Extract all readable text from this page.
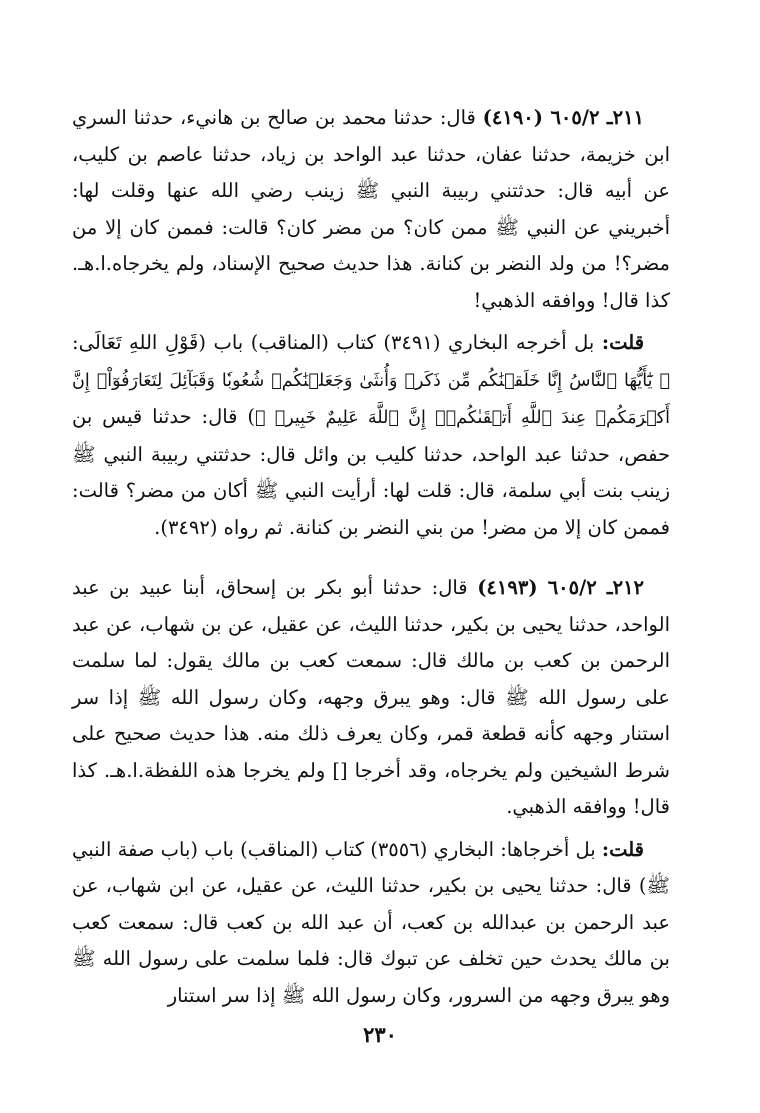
٢١١ـ ٦٠٥/٢ (٤١٩٠) قال: حدثنا محمد بن صالح بن هانيء، حدثنا السري ابن خزيمة، حدثنا عفان، حدثنا عبد الواحد بن زياد، حدثنا عاصم بن كليب، عن أبيه قال: حدثتني ربيبة النبي ﷺ زينب رضي الله عنها وقلت لها: أخبريني عن النبي ﷺ ممن كان؟ من مضر كان؟ قالت: فممن كان إلا من مضر؟! من ولد النضر بن كنانة. هذا حديث صحيح الإسناد، ولم يخرجاه.ا.هـ. كذا قال! ووافقه الذهبي!

قلت: بل أخرجه البخاري (٣٤٩١) كتاب (المناقب) باب (قَوْلِ اللهِ تَعَالَى: ﴿ يَٰٓأَيُّهَا ٱلنَّاسُ إِنَّا خَلَقۡنَٰكُم مِّن ذَكَرٖ وَأُنثَىٰ وَجَعَلۡنَٰكُمۡ شُعُوبٗا وَقَبَآئِلَ لِتَعَارَفُوٓاْۚ إِنَّ أَكۡرَمَكُمۡ عِندَ ٱللَّهِ أَتۡقَىٰكُمۡۚ إِنَّ ٱللَّهَ عَلِيمٌ خَبِيرٞ ﴾) قال: حدثنا قيس بن حفص، حدثنا عبد الواحد، حدثنا كليب بن وائل قال: حدثتني ربيبة النبي ﷺ زينب بنت أبي سلمة، قال: قلت لها: أرأيت النبي ﷺ أكان من مضر؟ قالت: فممن كان إلا من مضر! من بني النضر بن كنانة. ثم رواه (٣٤٩٢).

٢١٢ـ ٦٠٥/٢ (٤١٩٣) قال: حدثنا أبو بكر بن إسحاق، أبنا عبيد بن عبد الواحد، حدثنا يحيى بن بكير، حدثنا الليث، عن عقيل، عن بن شهاب، عن عبد الرحمن بن كعب بن مالك قال: سمعت كعب بن مالك يقول: لما سلمت على رسول الله ﷺ قال: وهو يبرق وجهه، وكان رسول الله ﷺ إذا سر استنار وجهه كأنه قطعة قمر، وكان يعرف ذلك منه. هذا حديث صحيح على شرط الشيخين ولم يخرجاه، وقد أخرجا [] ولم يخرجا هذه اللفظة.ا.هـ. كذا قال! ووافقه الذهبي.

قلت: بل أخرجاها: البخاري (٣٥٥٦) كتاب (المناقب) باب (باب صفة النبي ﷺ) قال: حدثنا يحيى بن بكير، حدثنا الليث، عن عقيل، عن ابن شهاب، عن عبد الرحمن بن عبدالله بن كعب، أن عبد الله بن كعب قال: سمعت كعب بن مالك يحدث حين تخلف عن تبوك قال: فلما سلمت على رسول الله ﷺ وهو يبرق وجهه من السرور، وكان رسول الله ﷺ إذا سر استنار

٢٣٠
